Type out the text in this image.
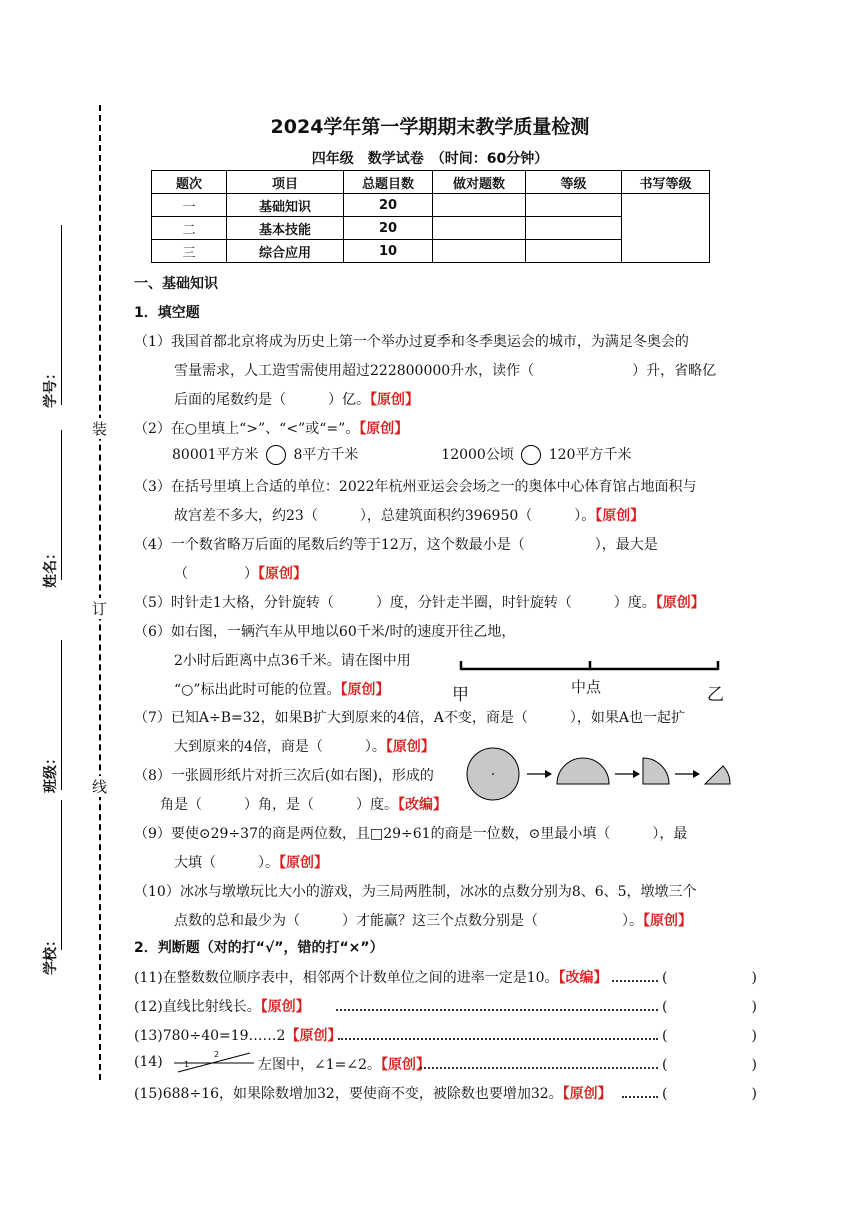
学号：
姓名：
班级：
学校：
装
订
线
2024学年第一学期期末教学质量检测
四年级　数学试卷　（时间：60分钟）
题次	项目	总题目数	做对题数	等级	书写等级
一	基础知识	20			
二	基本技能	20			
三	综合应用	10			
一、基础知识
1．填空题
（1）我国首都北京将成为历史上第一个举办过夏季和冬季奥运会的城市，为满足冬奥会的
雪量需求，人工造雪需使用超过222800000升水，读作（　　　　　　　）升，省略亿
后面的尾数约是（　　　）亿。【原创】
（2）在○里填上“>”、“<”或“=”。【原创】
80001平方米 8平方千米	12000公顷 120平方千米
（3）在括号里填上合适的单位：2022年杭州亚运会会场之一的奥体中心体育馆占地面积与
故宫差不多大，约23（　　　），总建筑面积约396950（　　　）。【原创】
（4）一个数省略万后面的尾数后约等于12万，这个数最小是（　　　　　），最大是
（　　　　）【原创】
（5）时针走1大格，分针旋转（　　　）度，分针走半圈，时针旋转（　　　）度。【原创】
（6）如右图，一辆汽车从甲地以60千米/时的速度开往乙地，
2小时后距离中点36千米。请在图中用
“○”标出此时可能的位置。【原创】	甲	中点	乙
（7）已知A÷B=32，如果B扩大到原来的4倍，A不变，商是（　　　），如果A也一起扩
大到原来的4倍，商是（　　　）。【原创】
（8）一张圆形纸片对折三次后(如右图)，形成的
角是（　　　）角，是（　　　）度。【改编】
（9）要使⊙29÷37的商是两位数，且□29÷61的商是一位数，⊙里最小填（　　　），最
大填（　　　）。【原创】
（10）冰冰与墩墩玩比大小的游戏，为三局两胜制，冰冰的点数分别为8、6、5，墩墩三个
点数的总和最少为（　　　）才能赢？这三个点数分别是（　　　　　　）。【原创】
2．判断题（对的打“√”，错的打“×”）
(11)在整数数位顺序表中，相邻两个计数单位之间的进率一定是10。【改编】	(　　　　　　)
(12)直线比射线长。【原创】	(　　　　　　)
(13)780÷40=19……2【原创】	(　　　　　　)
(14)	1
2
左图中，∠1=∠2。【原创】	(　　　　　　)
(15)688÷16，如果除数增加32，要使商不变，被除数也要增加32。【原创】	(　　　　　　)
